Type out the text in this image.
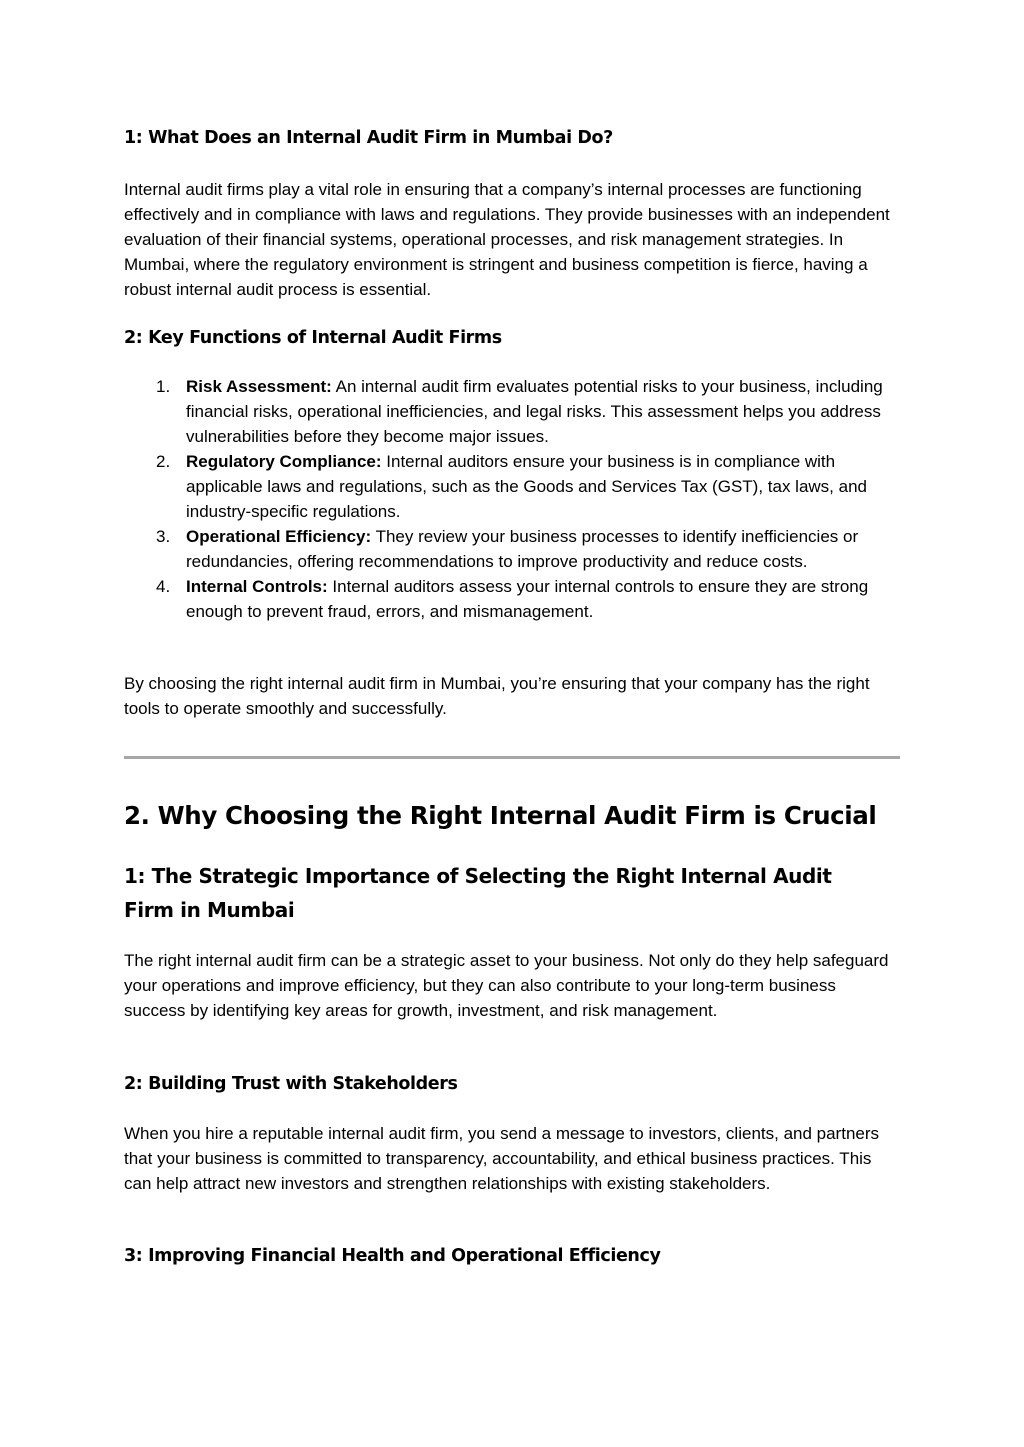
1: What Does an Internal Audit Firm in Mumbai Do?

Internal audit firms play a vital role in ensuring that a company’s internal processes are functioning effectively and in compliance with laws and regulations. They provide businesses with an independent evaluation of their financial systems, operational processes, and risk management strategies. In Mumbai, where the regulatory environment is stringent and business competition is fierce, having a robust internal audit process is essential.

2: Key Functions of Internal Audit Firms
1. Risk Assessment: An internal audit firm evaluates potential risks to your business, including financial risks, operational inefficiencies, and legal risks. This assessment helps you address vulnerabilities before they become major issues.
2. Regulatory Compliance: Internal auditors ensure your business is in compliance with applicable laws and regulations, such as the Goods and Services Tax (GST), tax laws, and industry-specific regulations.
3. Operational Efficiency: They review your business processes to identify inefficiencies or redundancies, offering recommendations to improve productivity and reduce costs.
4. Internal Controls: Internal auditors assess your internal controls to ensure they are strong enough to prevent fraud, errors, and mismanagement.

By choosing the right internal audit firm in Mumbai, you’re ensuring that your company has the right tools to operate smoothly and successfully.

2. Why Choosing the Right Internal Audit Firm is Crucial
1: The Strategic Importance of Selecting the Right Internal Audit Firm in Mumbai

The right internal audit firm can be a strategic asset to your business. Not only do they help safeguard your operations and improve efficiency, but they can also contribute to your long-term business success by identifying key areas for growth, investment, and risk management.

2: Building Trust with Stakeholders

When you hire a reputable internal audit firm, you send a message to investors, clients, and partners that your business is committed to transparency, accountability, and ethical business practices. This can help attract new investors and strengthen relationships with existing stakeholders.

3: Improving Financial Health and Operational Efficiency
